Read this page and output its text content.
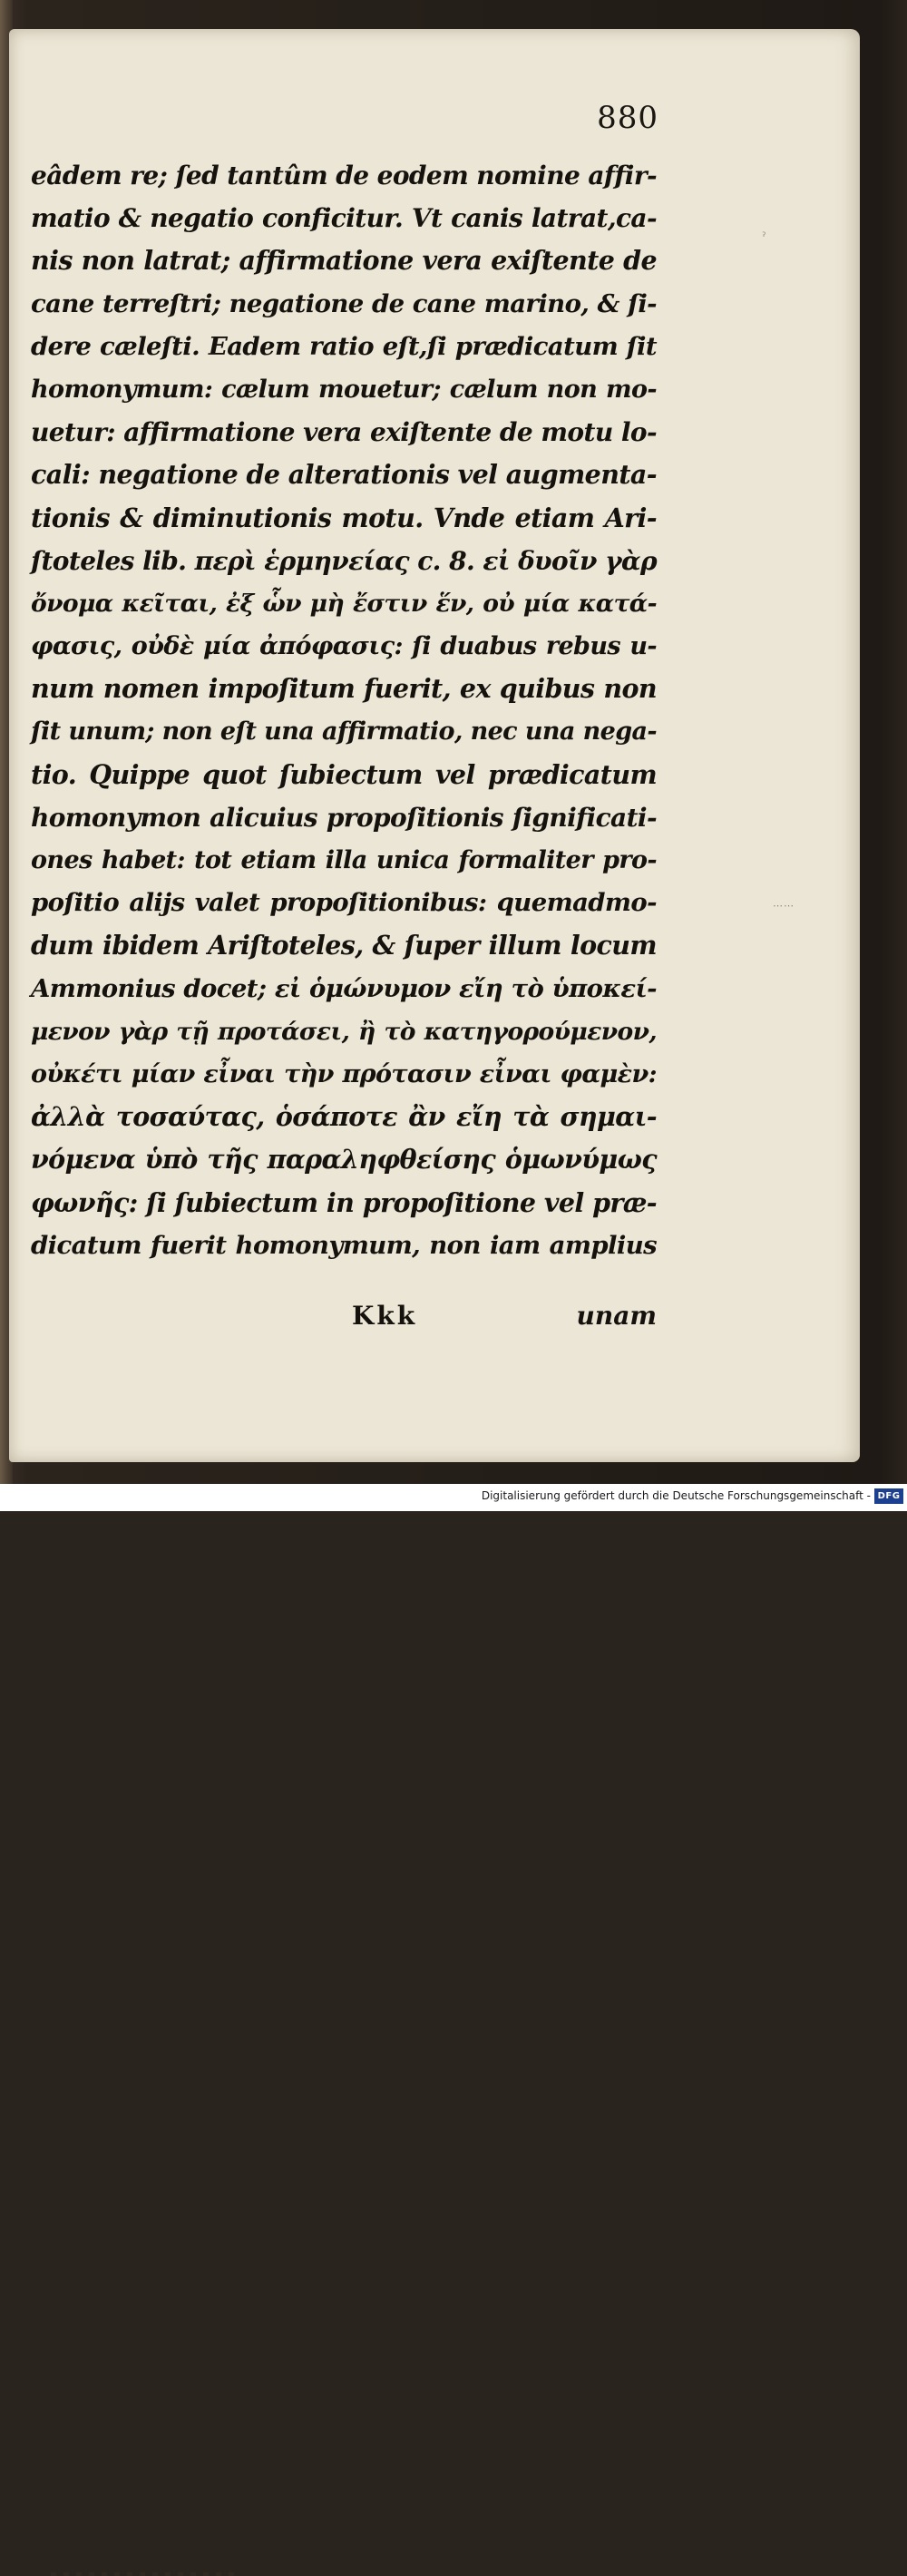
880
eâdem re; ſed tantûm de eodem nomine affir-
matio & negatio conficitur. Vt canis latrat,ca-
nis non latrat; affirmatione vera exiſtente de
cane terreſtri; negatione de cane marino, & ſi-
dere cæleſti. Eadem ratio eſt,ſi prædicatum ſit
homonymum: cælum mouetur; cælum non mo-
uetur: affirmatione vera exiſtente de motu lo-
cali: negatione de alterationis vel augmenta-
tionis & diminutionis motu. Vnde etiam Ari-
ſtoteles lib. περὶ ἑρμηνείας c. 8. εἰ δυοῖν γὰρ
ὄνομα κεῖται, ἐξ ὧν μὴ ἔστιν ἕν, οὐ μία κατά-
φασις, οὐδὲ μία ἀπόφασις: ſi duabus rebus u-
num nomen impoſitum fuerit, ex quibus non
ſit unum; non eſt una affirmatio, nec una nega-
tio. Quippe quot ſubiectum vel prædicatum
homonymon alicuius propoſitionis ſignificati-
ones habet: tot etiam illa unica formaliter pro-
poſitio alijs valet propoſitionibus: quemadmo-
dum ibidem Ariſtoteles, & ſuper illum locum
Ammonius docet; εἰ ὁμώνυμον εἴη τὸ ὑποκεί-
μενον γὰρ τῇ προτάσει, ἢ τὸ κατηγορούμενον,
οὐκέτι μίαν εἶναι τὴν πρότασιν εἶναι φαμὲν:
ἀλλὰ τοσαύτας, ὁσάποτε ἂν εἴη τὰ σημαι-
νόμενα ὑπὸ τῆς παραληφθείσης ὁμωνύμως
φωνῆς: ſi ſubiectum in propoſitione vel præ-
dicatum fuerit homonymum, non iam amplius
Kkk	unam
ˀ
⋯⋯
Digitalisierung gefördert durch die Deutsche Forschungsgemeinschaft - DFG
